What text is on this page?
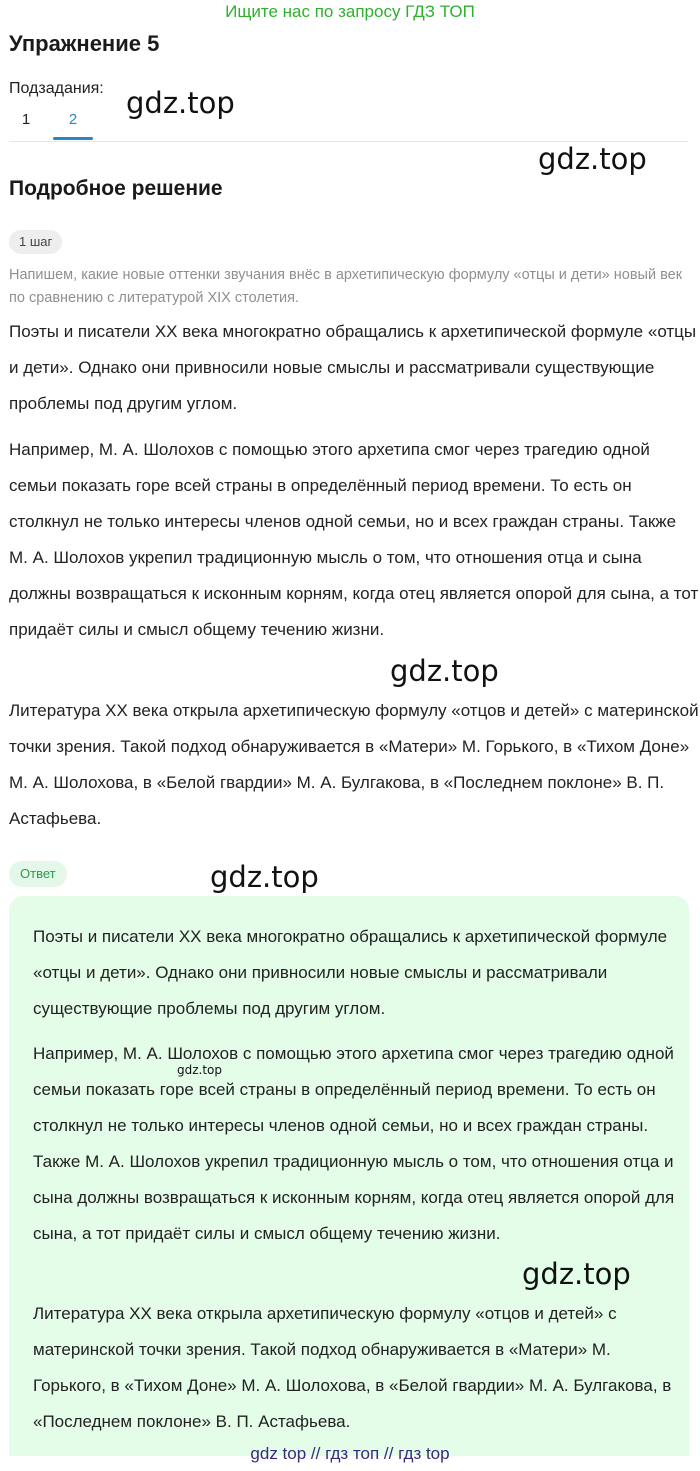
Ищите нас по запросу ГДЗ ТОП
Упражнение 5
Подзадания:
1	2	gdz.top
gdz.top
Подробное решение
1 шаг
Напишем, какие новые оттенки звучания внёс в архетипическую формулу «отцы и дети» новый век по сравнению с литературой XIX столетия.
Поэты и писатели XX века многократно обращались к архетипической формуле «отцы и дети». Однако они привносили новые смыслы и рассматривали существующие проблемы под другим углом.
Например, М. А. Шолохов с помощью этого архетипа смог через трагедию одной семьи показать горе всей страны в определённый период времени. То есть он столкнул не только интересы членов одной семьи, но и всех граждан страны. Также М. А. Шолохов укрепил традиционную мысль о том, что отношения отца и сына должны возвращаться к исконным корням, когда отец является опорой для сына, а тот придаёт силы и смысл общему течению жизни.
gdz.top
Литература XX века открыла архетипическую формулу «отцов и детей» с материнской точки зрения. Такой подход обнаруживается в «Матери» М. Горького, в «Тихом Доне» М. А. Шолохова, в «Белой гвардии» М. А. Булгакова, в «Последнем поклоне» В. П. Астафьева.
Ответ	gdz.top
Поэты и писатели XX века многократно обращались к архетипической формуле «отцы и дети». Однако они привносили новые смыслы и рассматривали существующие проблемы под другим углом.
Например, М. А. Шолохов с помощью этого архетипа смог через трагедию одной семьи показать горе всей страны в определённый период времени. То есть он столкнул не только интересы членов одной семьи, но и всех граждан страны. Также М. А. Шолохов укрепил традиционную мысль о том, что отношения отца и сына должны возвращаться к исконным корням, когда отец является опорой для сына, а тот придаёт силы и смысл общему течению жизни.
gdz.top
gdz.top
Литература XX века открыла архетипическую формулу «отцов и детей» с материнской точки зрения. Такой подход обнаруживается в «Матери» М. Горького, в «Тихом Доне» М. А. Шолохова, в «Белой гвардии» М. А. Булгакова, в «Последнем поклоне» В. П. Астафьева.
gdz top // гдз топ // гдз top
